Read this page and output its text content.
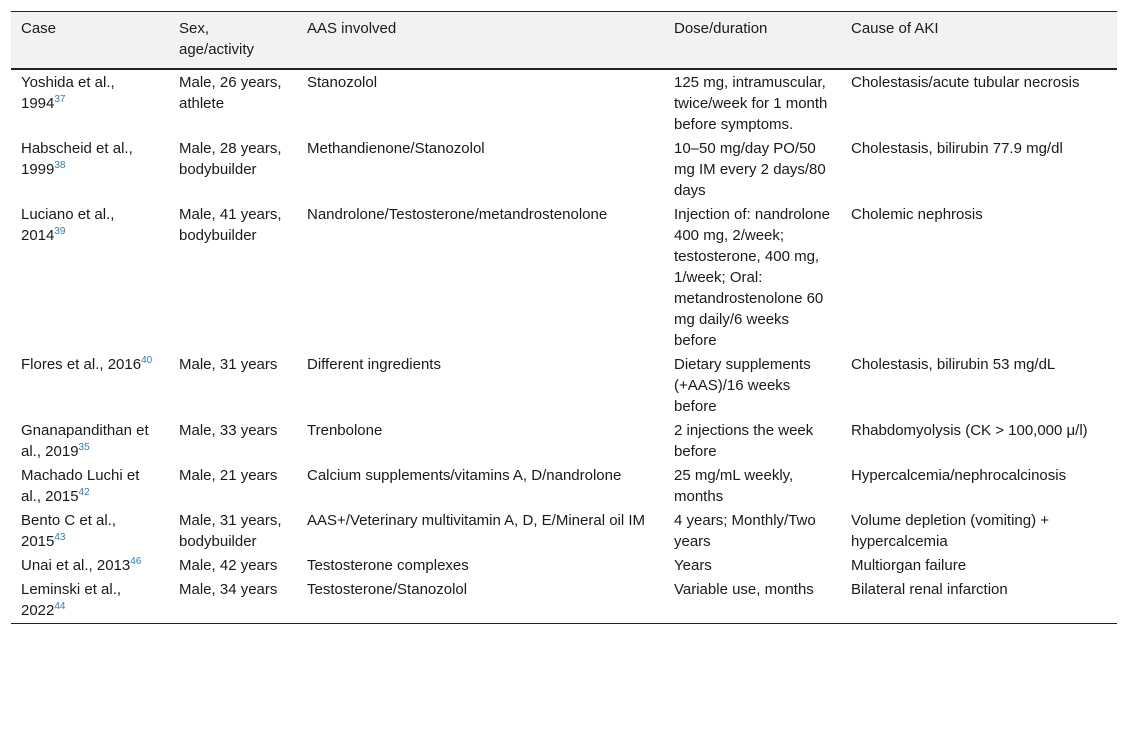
Case	Sex, age/activity	AAS involved	Dose/duration	Cause of AKI
Yoshida et al., 1994$^{37}$	Male, 26 years, athlete	Stanozolol	125 mg, intramuscular, twice/week for 1 month before symptoms.	Cholestasis/acute tubular necrosis
Habscheid et al., 1999$^{38}$	Male, 28 years, bodybuilder	Methandienone/Stanozolol	10–50 mg/day PO/50 mg IM every 2 days/80 days	Cholestasis, bilirubin 77.9 mg/dl
Luciano et al., 2014$^{39}$	Male, 41 years, bodybuilder	Nandrolone/Testosterone/metandrostenolone	Injection of: nandrolone 400 mg, 2/week; testosterone, 400 mg, 1/week; Oral: metandrostenolone 60 mg daily/6 weeks before	Cholemic nephrosis
Flores et al., 2016$^{40}$	Male, 31 years	Different ingredients	Dietary supplements (+AAS)/16 weeks before	Cholestasis, bilirubin 53 mg/dL
Gnanapandithan et al., 2019$^{35}$	Male, 33 years	Trenbolone	2 injections the week before	Rhabdomyolysis (CK > 100,000 μ/l)
Machado Luchi et al., 2015$^{42}$	Male, 21 years	Calcium supplements/vitamins A, D/nandrolone	25 mg/mL weekly, months	Hypercalcemia/nephrocalcinosis
Bento C et al., 2015$^{43}$	Male, 31 years, bodybuilder	AAS+/Veterinary multivitamin A, D, E/Mineral oil IM	4 years; Monthly/Two years	Volume depletion (vomiting) + hypercalcemia
Unai et al., 2013$^{46}$	Male, 42 years	Testosterone complexes	Years	Multiorgan failure
Leminski et al., 2022$^{44}$	Male, 34 years	Testosterone/Stanozolol	Variable use, months	Bilateral renal infarction
